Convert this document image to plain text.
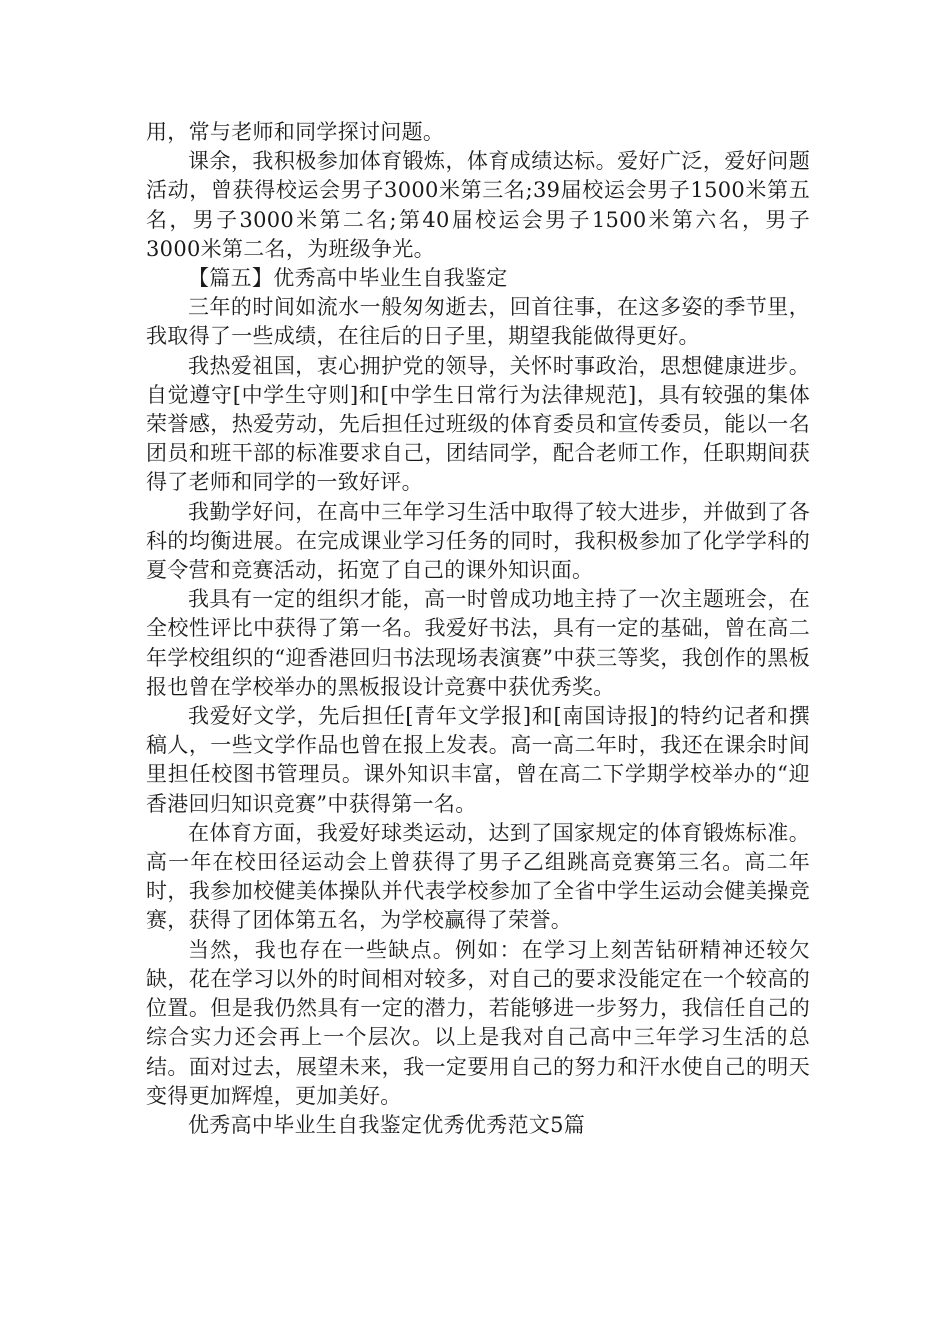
用，常与老师和同学探讨问题。

课余，我积极参加体育锻炼，体育成绩达标。爱好广泛，爱好问题活动，曾获得校运会男子3000米第三名;39届校运会男子1500米第五名，男子3000米第二名;第40届校运会男子1500米第六名，男子3000米第二名，为班级争光。

【篇五】优秀高中毕业生自我鉴定

三年的时间如流水一般匆匆逝去，回首往事，在这多姿的季节里，我取得了一些成绩，在往后的日子里，期望我能做得更好。

我热爱祖国，衷心拥护党的领导，关怀时事政治，思想健康进步。自觉遵守[中学生守则]和[中学生日常行为法律规范]，具有较强的集体荣誉感，热爱劳动，先后担任过班级的体育委员和宣传委员，能以一名团员和班干部的标准要求自己，团结同学，配合老师工作，任职期间获得了老师和同学的一致好评。

我勤学好问，在高中三年学习生活中取得了较大进步，并做到了各科的均衡进展。在完成课业学习任务的同时，我积极参加了化学学科的夏令营和竞赛活动，拓宽了自己的课外知识面。

我具有一定的组织才能，高一时曾成功地主持了一次主题班会，在全校性评比中获得了第一名。我爱好书法，具有一定的基础，曾在高二年学校组织的“迎香港回归书法现场表演赛”中获三等奖，我创作的黑板报也曾在学校举办的黑板报设计竞赛中获优秀奖。

我爱好文学，先后担任[青年文学报]和[南国诗报]的特约记者和撰稿人，一些文学作品也曾在报上发表。高一高二年时，我还在课余时间里担任校图书管理员。课外知识丰富，曾在高二下学期学校举办的“迎香港回归知识竞赛”中获得第一名。

在体育方面，我爱好球类运动，达到了国家规定的体育锻炼标准。高一年在校田径运动会上曾获得了男子乙组跳高竞赛第三名。高二年时，我参加校健美体操队并代表学校参加了全省中学生运动会健美操竞赛，获得了团体第五名，为学校赢得了荣誉。

当然，我也存在一些缺点。例如：在学习上刻苦钻研精神还较欠缺，花在学习以外的时间相对较多，对自己的要求没能定在一个较高的位置。但是我仍然具有一定的潜力，若能够进一步努力，我信任自己的综合实力还会再上一个层次。以上是我对自己高中三年学习生活的总结。面对过去，展望未来，我一定要用自己的努力和汗水使自己的明天变得更加辉煌，更加美好。

优秀高中毕业生自我鉴定优秀优秀范文5篇
